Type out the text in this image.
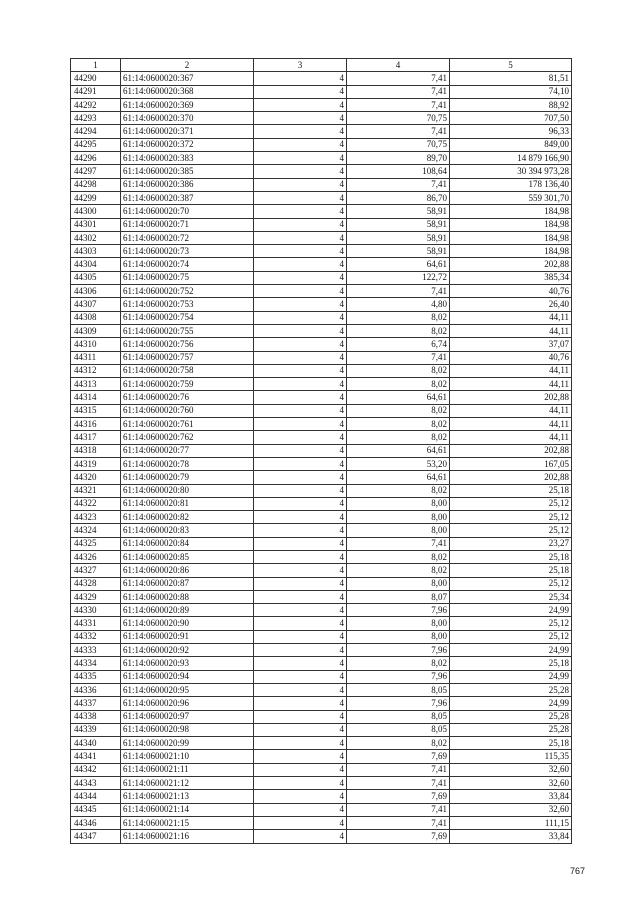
1	2	3	4	5
44290	61:14:0600020:367	4	7,41	81,51
44291	61:14:0600020:368	4	7,41	74,10
44292	61:14:0600020:369	4	7,41	88,92
44293	61:14:0600020:370	4	70,75	707,50
44294	61:14:0600020:371	4	7,41	96,33
44295	61:14:0600020:372	4	70,75	849,00
44296	61:14:0600020:383	4	89,70	14 879 166,90
44297	61:14:0600020:385	4	108,64	30 394 973,28
44298	61:14:0600020:386	4	7,41	178 136,40
44299	61:14:0600020:387	4	86,70	559 301,70
44300	61:14:0600020:70	4	58,91	184,98
44301	61:14:0600020:71	4	58,91	184,98
44302	61:14:0600020:72	4	58,91	184,98
44303	61:14:0600020:73	4	58,91	184,98
44304	61:14:0600020:74	4	64,61	202,88
44305	61:14:0600020:75	4	122,72	385,34
44306	61:14:0600020:752	4	7,41	40,76
44307	61:14:0600020:753	4	4,80	26,40
44308	61:14:0600020:754	4	8,02	44,11
44309	61:14:0600020:755	4	8,02	44,11
44310	61:14:0600020:756	4	6,74	37,07
44311	61:14:0600020:757	4	7,41	40,76
44312	61:14:0600020:758	4	8,02	44,11
44313	61:14:0600020:759	4	8,02	44,11
44314	61:14:0600020:76	4	64,61	202,88
44315	61:14:0600020:760	4	8,02	44,11
44316	61:14:0600020:761	4	8,02	44,11
44317	61:14:0600020:762	4	8,02	44,11
44318	61:14:0600020:77	4	64,61	202,88
44319	61:14:0600020:78	4	53,20	167,05
44320	61:14:0600020:79	4	64,61	202,88
44321	61:14:0600020:80	4	8,02	25,18
44322	61:14:0600020:81	4	8,00	25,12
44323	61:14:0600020:82	4	8,00	25,12
44324	61:14:0600020:83	4	8,00	25,12
44325	61:14:0600020:84	4	7,41	23,27
44326	61:14:0600020:85	4	8,02	25,18
44327	61:14:0600020:86	4	8,02	25,18
44328	61:14:0600020:87	4	8,00	25,12
44329	61:14:0600020:88	4	8,07	25,34
44330	61:14:0600020:89	4	7,96	24,99
44331	61:14:0600020:90	4	8,00	25,12
44332	61:14:0600020:91	4	8,00	25,12
44333	61:14:0600020:92	4	7,96	24,99
44334	61:14:0600020:93	4	8,02	25,18
44335	61:14:0600020:94	4	7,96	24,99
44336	61:14:0600020:95	4	8,05	25,28
44337	61:14:0600020:96	4	7,96	24,99
44338	61:14:0600020:97	4	8,05	25,28
44339	61:14:0600020:98	4	8,05	25,28
44340	61:14:0600020:99	4	8,02	25,18
44341	61:14:0600021:10	4	7,69	115,35
44342	61:14:0600021:11	4	7,41	32,60
44343	61:14:0600021:12	4	7,41	32,60
44344	61:14:0600021:13	4	7,69	33,84
44345	61:14:0600021:14	4	7,41	32,60
44346	61:14:0600021:15	4	7,41	111,15
44347	61:14:0600021:16	4	7,69	33,84
767
